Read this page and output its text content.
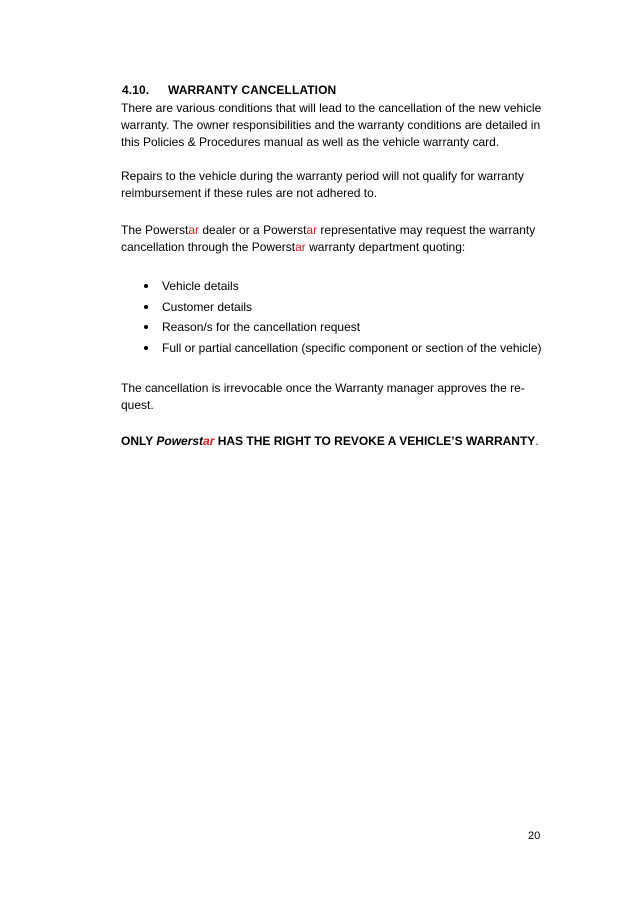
4.10. WARRANTY CANCELLATION
There are various conditions that will lead to the cancellation of the new vehicle
warranty. The owner responsibilities and the warranty conditions are detailed in
this Policies & Procedures manual as well as the vehicle warranty card.
Repairs to the vehicle during the warranty period will not qualify for warranty
reimbursement if these rules are not adhered to.
The Powerstar dealer or a Powerstar representative may request the warranty
cancellation through the Powerstar warranty department quoting:
Vehicle details
Customer details
Reason/s for the cancellation request
Full or partial cancellation (specific component or section of the vehicle)
The cancellation is irrevocable once the Warranty manager approves the re-
quest.
ONLY Powerstar HAS THE RIGHT TO REVOKE A VEHICLE’S WARRANTY.
20
